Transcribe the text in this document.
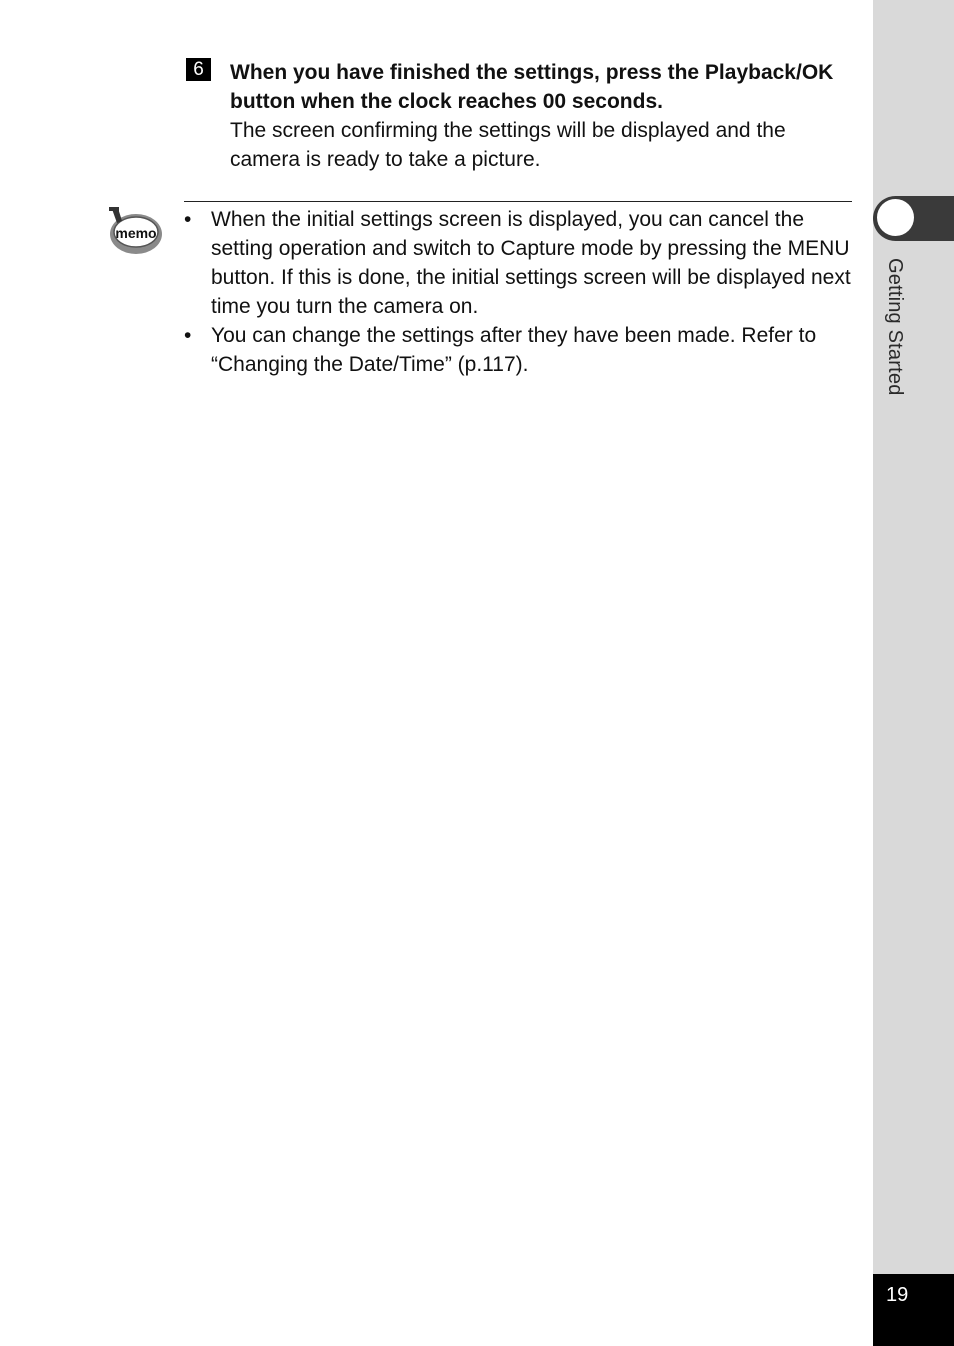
Getting Started
19
6	When you have finished the settings, press the Playback/OK button when the clock reaches 00 seconds.

The screen confirming the settings will be displayed and the camera is ready to take a picture.

memo
• When the initial settings screen is displayed, you can cancel the setting operation and switch to Capture mode by pressing the MENU button. If this is done, the initial settings screen will be displayed next time you turn the camera on.
• You can change the settings after they have been made. Refer to “Changing the Date/Time” (p.117).
